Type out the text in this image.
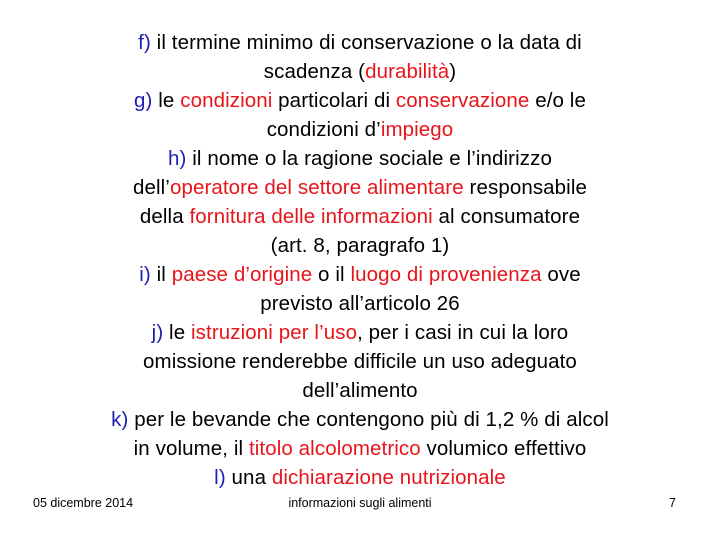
f) il termine minimo di conservazione o la data di
scadenza (durabilità)
g) le condizioni particolari di conservazione e/o le
condizioni d’impiego
h) il nome o la ragione sociale e l’indirizzo
dell’operatore del settore alimentare responsabile
della fornitura delle informazioni al consumatore
(art. 8, paragrafo 1)
i) il paese d’origine o il luogo di provenienza ove
previsto all’articolo 26
j) le istruzioni per l’uso, per i casi in cui la loro
omissione renderebbe difficile un uso adeguato
dell’alimento
k) per le bevande che contengono più di 1,2 % di alcol
in volume, il titolo alcolometrico volumico effettivo
l) una dichiarazione nutrizionale
05 dicembre 2014	informazioni sugli alimenti	7
